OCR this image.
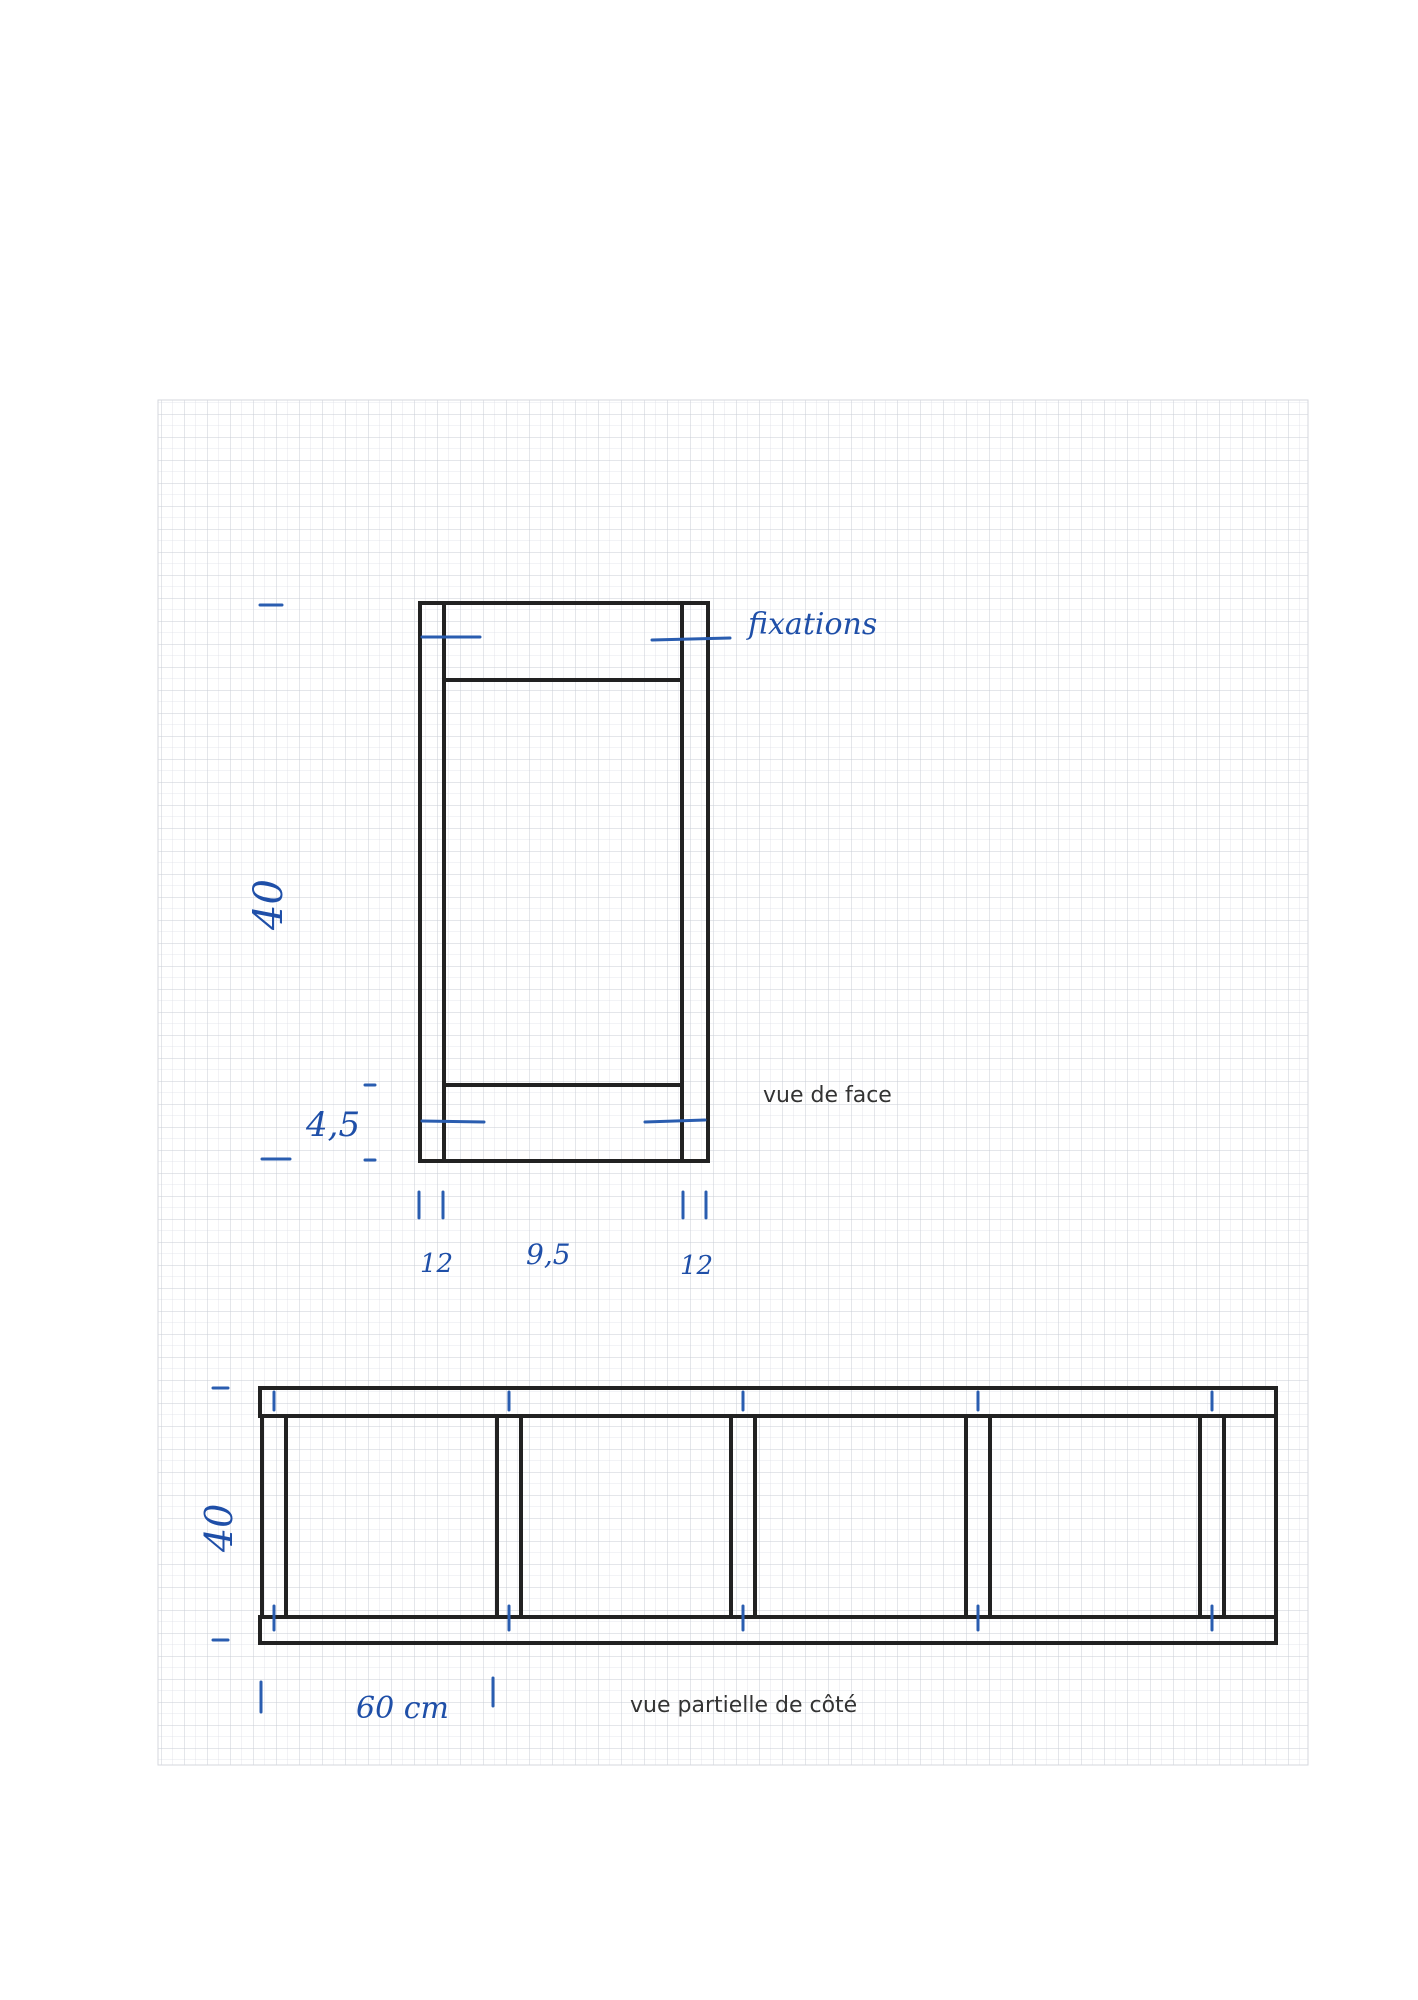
fixations
40
4,5
12	9,5	12
vue de face
40
60 cm	vue partielle de côté
